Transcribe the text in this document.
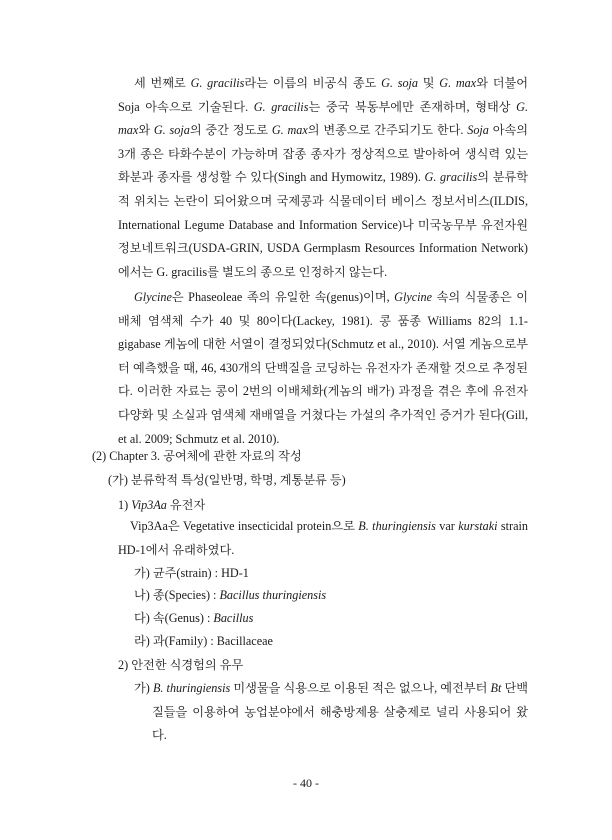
세 번째로 G. gracilis라는 이름의 비공식 종도 G. soja 및 G. max와 더불어 Soja 아속으로 기술된다. G. gracilis는 중국 북동부에만 존재하며, 형태상 G. max와 G. soja의 중간 정도로 G. max의 변종으로 간주되기도 한다. Soja 아속의 3개 종은 타화수분이 가능하며 잡종 종자가 정상적으로 발아하여 생식력 있는 화분과 종자를 생성할 수 있다(Singh and Hymowitz, 1989). G. gracilis의 분류학적 위치는 논란이 되어왔으며 국제콩과 식물데이터 베이스 정보서비스(ILDIS, International Legume Database and Information Service)나 미국농무부 유전자원정보네트워크(USDA-GRIN, USDA Germplasm Resources Information Network)에서는 G. gracilis를 별도의 종으로 인정하지 않는다.

Glycine은 Phaseoleae 족의 유일한 속(genus)이며, Glycine 속의 식물종은 이배체 염색체 수가 40 및 80이다(Lackey, 1981). 콩 품종 Williams 82의 1.1-gigabase 게놈에 대한 서열이 결정되었다(Schmutz et al., 2010). 서열 게놈으로부터 예측했을 때, 46, 430개의 단백질을 코딩하는 유전자가 존재할 것으로 추정된다. 이러한 자료는 콩이 2번의 이배체화(게놈의 배가) 과정을 겪은 후에 유전자 다양화 및 소실과 염색체 재배열을 거쳤다는 가설의 추가적인 증거가 된다(Gill, et al. 2009; Schmutz et al. 2010).

(2) Chapter 3. 공여체에 관한 자료의 작성

(가) 분류학적 특성(일반명, 학명, 계통분류 등)

1) Vip3Aa 유전자

Vip3Aa은 Vegetative insecticidal protein으로 B. thuringiensis var kurstaki strain HD-1에서 유래하였다.

가) 균주(strain) : HD-1

나) 종(Species) : Bacillus thuringiensis

다) 속(Genus) : Bacillus

라) 과(Family) : Bacillaceae

2) 안전한 식경험의 유무

가) B. thuringiensis 미생물을 식용으로 이용된 적은 없으나, 예전부터 Bt 단백질들을 이용하여 농업분야에서 해충방제용 살충제로 널리 사용되어 왔다.

- 40 -
